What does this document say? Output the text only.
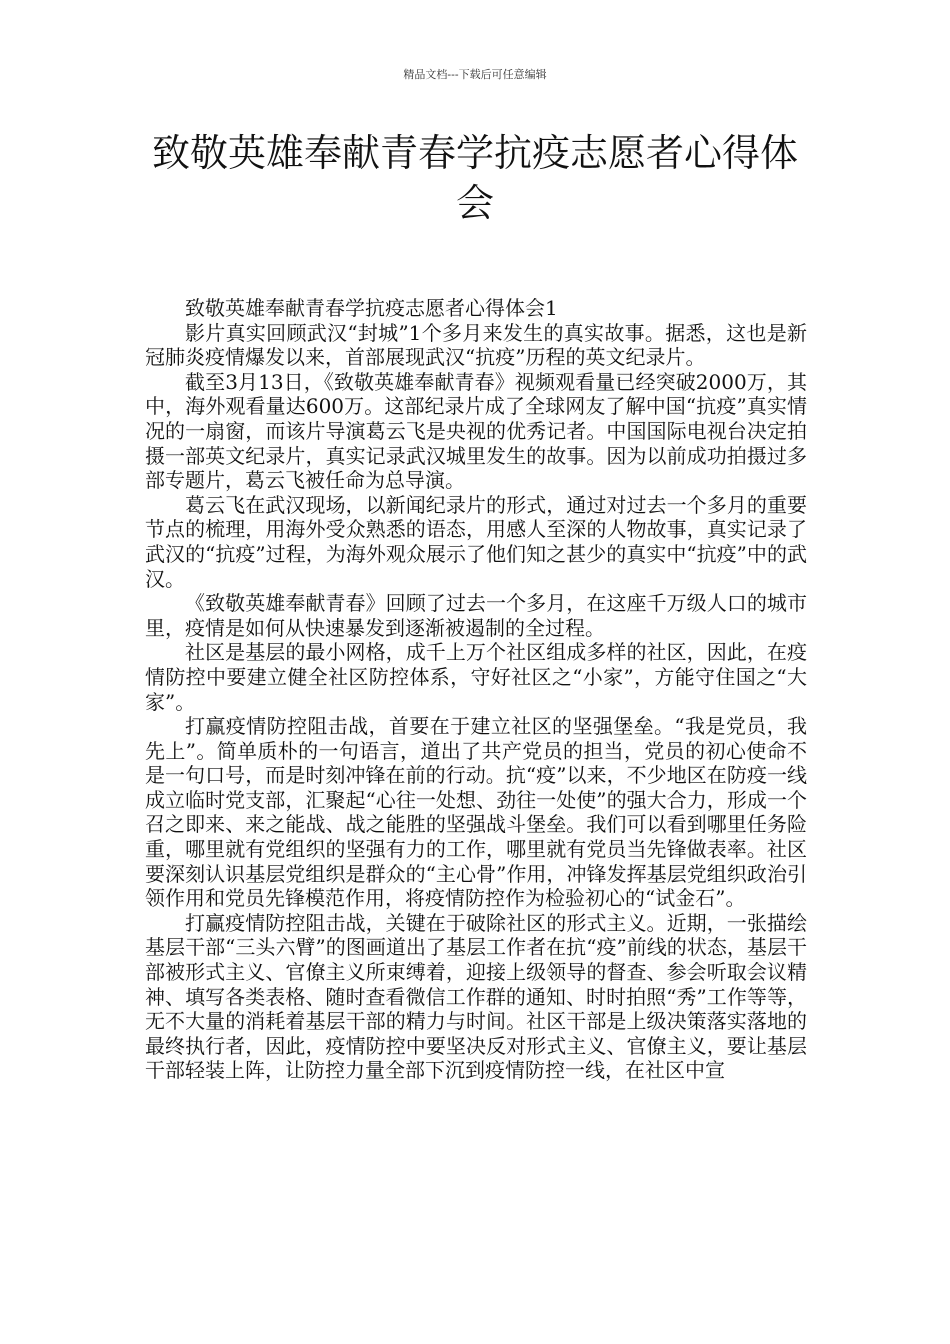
精品文档---下载后可任意编辑
致敬英雄奉献青春学抗疫志愿者心得体会

致敬英雄奉献青春学抗疫志愿者心得体会1

影片真实回顾武汉“封城”1个多月来发生的真实故事。据悉，这也是新冠肺炎疫情爆发以来，首部展现武汉“抗疫”历程的英文纪录片。

截至3月13日，《致敬英雄奉献青春》视频观看量已经突破2000万，其中，海外观看量达600万。这部纪录片成了全球网友了解中国“抗疫”真实情况的一扇窗，而该片导演葛云飞是央视的优秀记者。中国国际电视台决定拍摄一部英文纪录片，真实记录武汉城里发生的故事。因为以前成功拍摄过多部专题片，葛云飞被任命为总导演。

葛云飞在武汉现场，以新闻纪录片的形式，通过对过去一个多月的重要节点的梳理，用海外受众熟悉的语态，用感人至深的人物故事，真实记录了武汉的“抗疫”过程，为海外观众展示了他们知之甚少的真实中“抗疫”中的武汉。

《致敬英雄奉献青春》回顾了过去一个多月，在这座千万级人口的城市里，疫情是如何从快速暴发到逐渐被遏制的全过程。

社区是基层的最小网格，成千上万个社区组成多样的社区，因此，在疫情防控中要建立健全社区防控体系，守好社区之“小家”，方能守住国之“大家”。

打赢疫情防控阻击战，首要在于建立社区的坚强堡垒。“我是党员，我先上”。简单质朴的一句语言，道出了共产党员的担当，党员的初心使命不是一句口号，而是时刻冲锋在前的行动。抗“疫”以来，不少地区在防疫一线成立临时党支部，汇聚起“心往一处想、劲往一处使”的强大合力，形成一个召之即来、来之能战、战之能胜的坚强战斗堡垒。我们可以看到哪里任务险重，哪里就有党组织的坚强有力的工作，哪里就有党员当先锋做表率。社区要深刻认识基层党组织是群众的“主心骨”作用，冲锋发挥基层党组织政治引领作用和党员先锋模范作用，将疫情防控作为检验初心的“试金石”。

打赢疫情防控阻击战，关键在于破除社区的形式主义。近期，一张描绘基层干部“三头六臂”的图画道出了基层工作者在抗“疫”前线的状态，基层干部被形式主义、官僚主义所束缚着，迎接上级领导的督查、参会听取会议精神、填写各类表格、随时查看微信工作群的通知、时时拍照“秀”工作等等，无不大量的消耗着基层干部的精力与时间。社区干部是上级决策落实落地的最终执行者，因此，疫情防控中要坚决反对形式主义、官僚主义，要让基层干部轻装上阵，让防控力量全部下沉到疫情防控一线，在社区中宣
